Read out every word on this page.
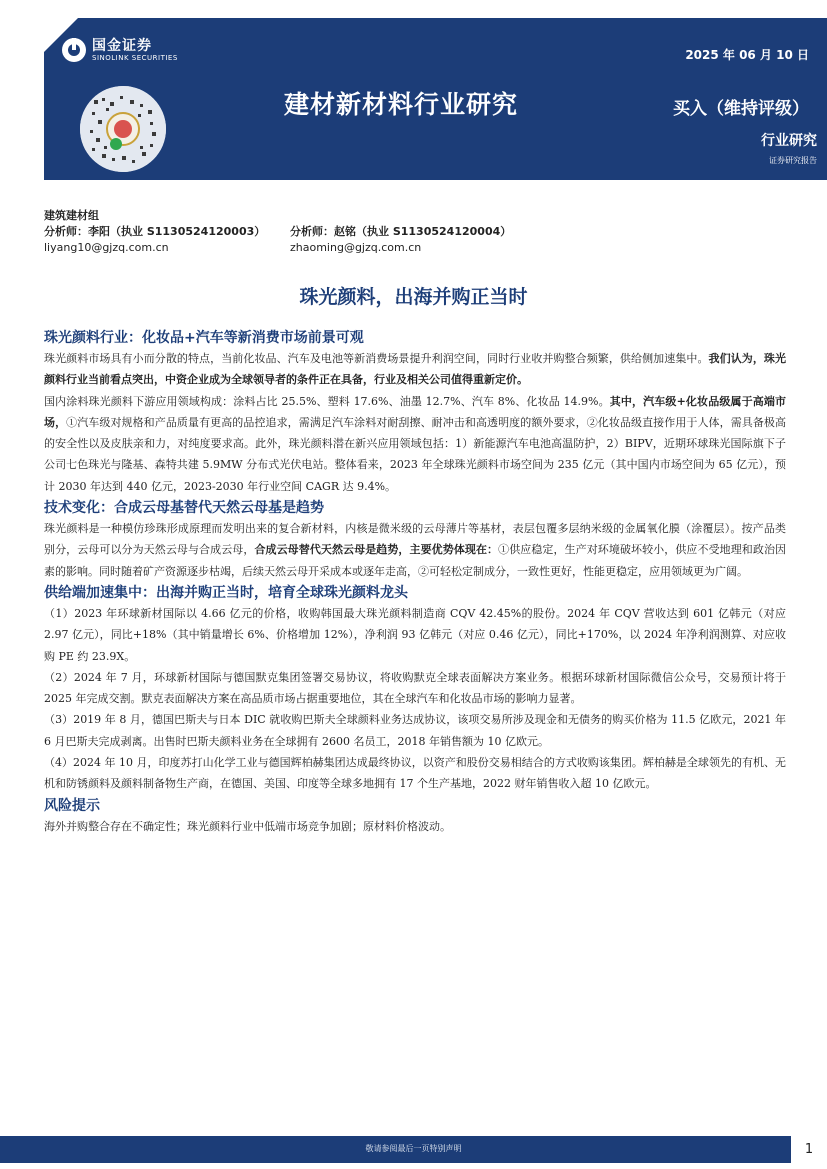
国金证券
SINOLINK SECURITIES
建材新材料行业研究
2025 年 06 月 10 日
买入（维持评级）
行业研究
证券研究报告
建筑建材组
分析师：李阳（执业 S1130524120003）	分析师：赵铭（执业 S1130524120004）
liyang10@gjzq.com.cn	zhaoming@gjzq.com.cn
珠光颜料，出海并购正当时
珠光颜料行业：化妆品+汽车等新消费市场前景可观
珠光颜料市场具有小而分散的特点，当前化妆品、汽车及电池等新消费场景提升利润空间，同时行业收并购整合频繁，供给侧加速集中。我们认为，珠光颜料行业当前看点突出，中资企业成为全球领导者的条件正在具备，行业及相关公司值得重新定价。
国内涂料珠光颜料下游应用领域构成：涂料占比 25.5%、塑料 17.6%、油墨 12.7%、汽车 8%、化妆品 14.9%。其中，汽车级+化妆品级属于高端市场，①汽车级对规格和产品质量有更高的品控追求，需满足汽车涂料对耐刮擦、耐冲击和高透明度的额外要求，②化妆品级直接作用于人体，需具备极高的安全性以及皮肤亲和力，对纯度要求高。此外，珠光颜料潜在新兴应用领域包括：1）新能源汽车电池高温防护，2）BIPV，近期环球珠光国际旗下子公司七色珠光与隆基、森特共建 5.9MW 分布式光伏电站。整体看来，2023 年全球珠光颜料市场空间为 235 亿元（其中国内市场空间为 65 亿元），预计 2030 年达到 440 亿元，2023-2030 年行业空间 CAGR 达 9.4%。
技术变化：合成云母基替代天然云母基是趋势
珠光颜料是一种模仿珍珠形成原理而发明出来的复合新材料，内核是微米级的云母薄片等基材，表层包覆多层纳米级的金属氧化膜（涂覆层）。按产品类别分，云母可以分为天然云母与合成云母，合成云母替代天然云母是趋势，主要优势体现在：①供应稳定，生产对环境破坏较小，供应不受地理和政治因素的影响。同时随着矿产资源逐步枯竭，后续天然云母开采成本或逐年走高，②可轻松定制成分，一致性更好，性能更稳定，应用领域更为广阔。
供给端加速集中：出海并购正当时，培育全球珠光颜料龙头
（1）2023 年环球新材国际以 4.66 亿元的价格，收购韩国最大珠光颜料制造商 CQV 42.45%的股份。2024 年 CQV 营收达到 601 亿韩元（对应 2.97 亿元），同比+18%（其中销量增长 6%、价格增加 12%），净利润 93 亿韩元（对应 0.46 亿元），同比+170%，以 2024 年净利润测算、对应收购 PE 约 23.9X。
（2）2024 年 7 月，环球新材国际与德国默克集团签署交易协议，将收购默克全球表面解决方案业务。根据环球新材国际微信公众号，交易预计将于 2025 年完成交割。默克表面解决方案在高品质市场占据重要地位，其在全球汽车和化妆品市场的影响力显著。
（3）2019 年 8 月，德国巴斯夫与日本 DIC 就收购巴斯夫全球颜料业务达成协议，该项交易所涉及现金和无债务的购买价格为 11.5 亿欧元，2021 年 6 月巴斯夫完成剥离。出售时巴斯夫颜料业务在全球拥有 2600 名员工，2018 年销售额为 10 亿欧元。
（4）2024 年 10 月，印度苏打山化学工业与德国辉柏赫集团达成最终协议，以资产和股份交易相结合的方式收购该集团。辉柏赫是全球领先的有机、无机和防锈颜料及颜料制备物生产商，在德国、美国、印度等全球多地拥有 17 个生产基地，2022 财年销售收入超 10 亿欧元。
风险提示
海外并购整合存在不确定性；珠光颜料行业中低端市场竞争加剧；原材料价格波动。
敬请参阅最后一页特别声明	1
